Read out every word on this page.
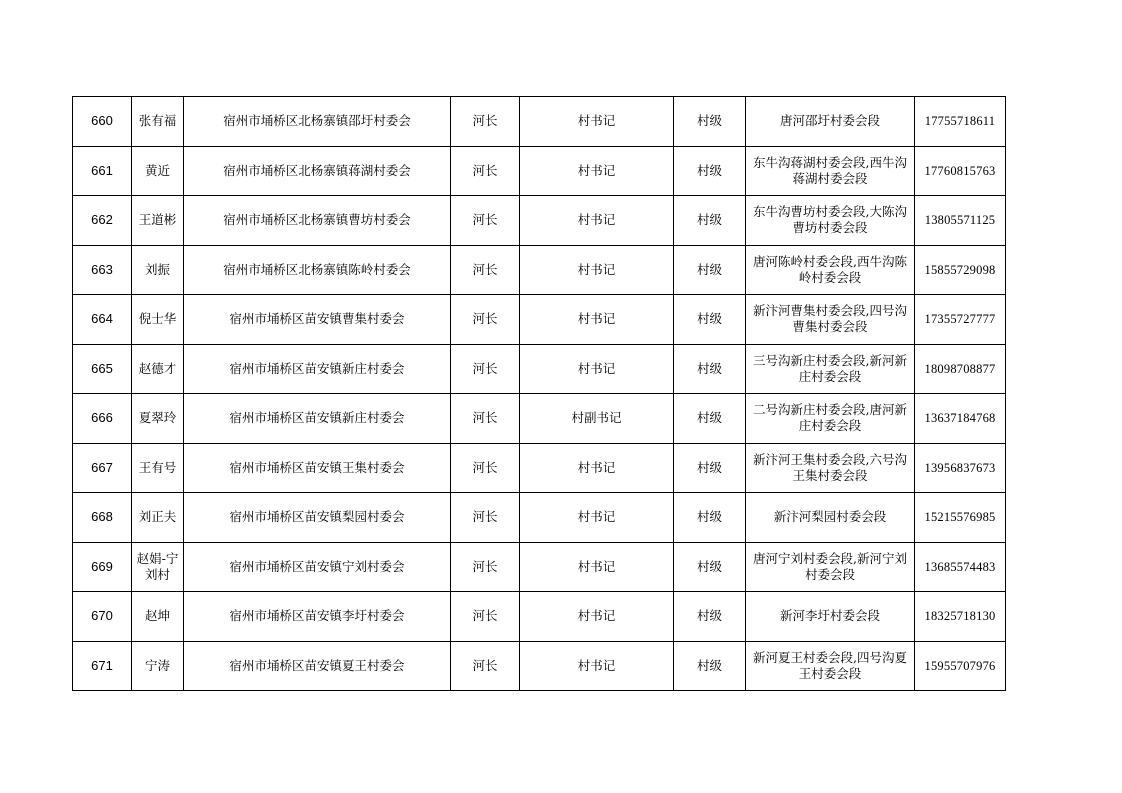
660	张有福	宿州市埇桥区北杨寨镇邵圩村委会	河长	村书记	村级	唐河邵圩村委会段	17755718611
661	黄近	宿州市埇桥区北杨寨镇蒋湖村委会	河长	村书记	村级	东牛沟蒋湖村委会段,西牛沟蒋湖村委会段	17760815763
662	王道彬	宿州市埇桥区北杨寨镇曹坊村委会	河长	村书记	村级	东牛沟曹坊村委会段,大陈沟曹坊村委会段	13805571125
663	刘振	宿州市埇桥区北杨寨镇陈岭村委会	河长	村书记	村级	唐河陈岭村委会段,西牛沟陈岭村委会段	15855729098
664	倪士华	宿州市埇桥区苗安镇曹集村委会	河长	村书记	村级	新汴河曹集村委会段,四号沟曹集村委会段	17355727777
665	赵德才	宿州市埇桥区苗安镇新庄村委会	河长	村书记	村级	三号沟新庄村委会段,新河新庄村委会段	18098708877
666	夏翠玲	宿州市埇桥区苗安镇新庄村委会	河长	村副书记	村级	二号沟新庄村委会段,唐河新庄村委会段	13637184768
667	王有号	宿州市埇桥区苗安镇王集村委会	河长	村书记	村级	新汴河王集村委会段,六号沟王集村委会段	13956837673
668	刘正夫	宿州市埇桥区苗安镇梨园村委会	河长	村书记	村级	新汴河梨园村委会段	15215576985
669	赵娟-宁刘村	宿州市埇桥区苗安镇宁刘村委会	河长	村书记	村级	唐河宁刘村委会段,新河宁刘村委会段	13685574483
670	赵坤	宿州市埇桥区苗安镇李圩村委会	河长	村书记	村级	新河李圩村委会段	18325718130
671	宁涛	宿州市埇桥区苗安镇夏王村委会	河长	村书记	村级	新河夏王村委会段,四号沟夏王村委会段	15955707976
